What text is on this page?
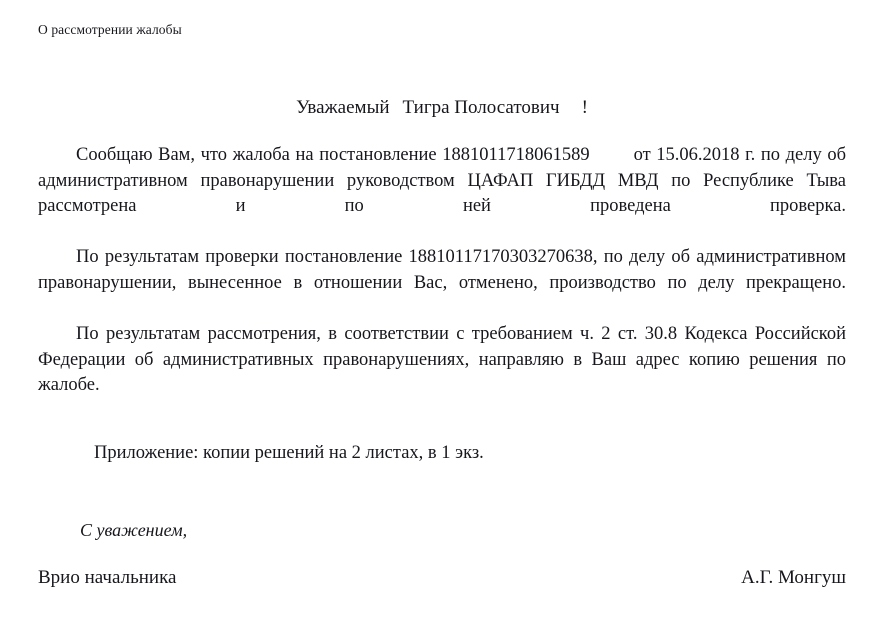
О рассмотрении жалобы
Уважаемый Тигра Полосатович !

Сообщаю Вам, что жалоба на постановление 1881011718061589 от 15.06.2018 г. по делу об административном правонарушении руководством ЦАФАП ГИБДД МВД по Республике Тыва рассмотрена и по ней проведена проверка.

По результатам проверки постановление 18810117170303270638, по делу об административном правонарушении, вынесенное в отношении Вас, отменено, производство по делу прекращено.

По результатам рассмотрения, в соответствии с требованием ч. 2 ст. 30.8 Кодекса Российской Федерации об административных правонарушениях, направляю в Ваш адрес копию решения по жалобе.

Приложение: копии решений на 2 листах, в 1 экз.
С уважением,
Врио начальника	А.Г. Монгуш
